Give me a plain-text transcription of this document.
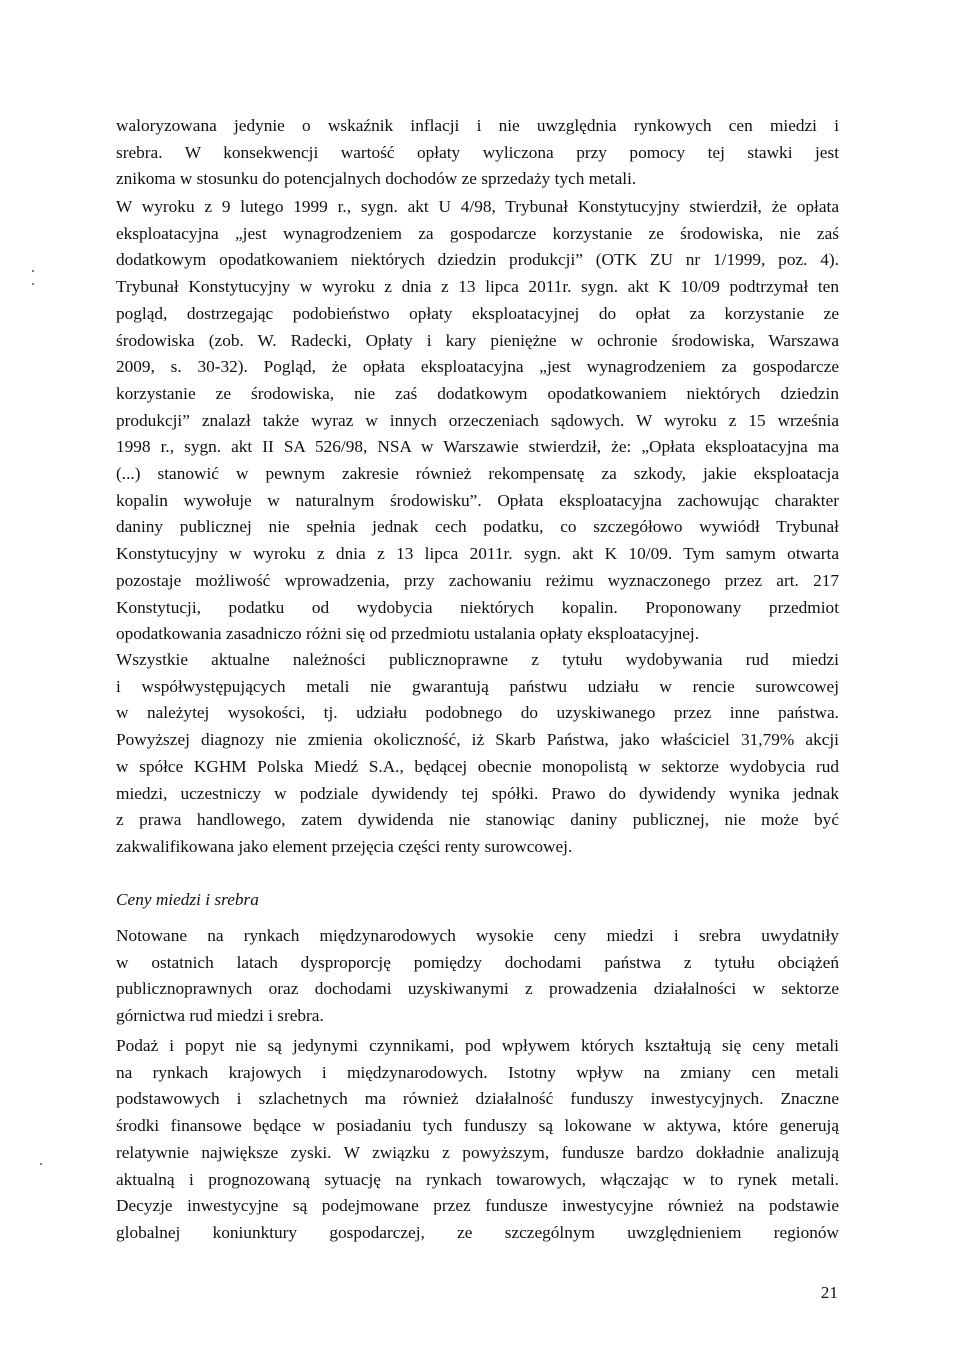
waloryzowana jedynie o wskaźnik inflacji i nie uwzględnia rynkowych cen miedzi i
srebra. W konsekwencji wartość opłaty wyliczona przy pomocy tej stawki jest
znikoma w stosunku do potencjalnych dochodów ze sprzedaży tych metali.

W wyroku z 9 lutego 1999 r., sygn. akt U 4/98, Trybunał Konstytucyjny stwierdził, że opłata
eksploatacyjna „jest wynagrodzeniem za gospodarcze korzystanie ze środowiska, nie zaś
dodatkowym opodatkowaniem niektórych dziedzin produkcji” (OTK ZU nr 1/1999, poz. 4).
Trybunał Konstytucyjny w wyroku z dnia z 13 lipca 2011r. sygn. akt K 10/09 podtrzymał ten
pogląd, dostrzegając podobieństwo opłaty eksploatacyjnej do opłat za korzystanie ze
środowiska (zob. W. Radecki, Opłaty i kary pieniężne w ochronie środowiska, Warszawa
2009, s. 30-32). Pogląd, że opłata eksploatacyjna „jest wynagrodzeniem za gospodarcze
korzystanie ze środowiska, nie zaś dodatkowym opodatkowaniem niektórych dziedzin
produkcji” znalazł także wyraz w innych orzeczeniach sądowych. W wyroku z 15 września
1998 r., sygn. akt II SA 526/98, NSA w Warszawie stwierdził, że: „Opłata eksploatacyjna ma
(...) stanowić w pewnym zakresie również rekompensatę za szkody, jakie eksploatacja
kopalin wywołuje w naturalnym środowisku”. Opłata eksploatacyjna zachowując charakter
daniny publicznej nie spełnia jednak cech podatku, co szczegółowo wywiódł Trybunał
Konstytucyjny w wyroku z dnia z 13 lipca 2011r. sygn. akt K 10/09. Tym samym otwarta
pozostaje możliwość wprowadzenia, przy zachowaniu reżimu wyznaczonego przez art. 217
Konstytucji, podatku od wydobycia niektórych kopalin. Proponowany przedmiot
opodatkowania zasadniczo różni się od przedmiotu ustalania opłaty eksploatacyjnej.

Wszystkie aktualne należności publicznoprawne z tytułu wydobywania rud miedzi
i współwystępujących metali nie gwarantują państwu udziału w rencie surowcowej
w należytej wysokości, tj. udziału podobnego do uzyskiwanego przez inne państwa.
Powyższej diagnozy nie zmienia okoliczność, iż Skarb Państwa, jako właściciel 31,79% akcji
w spółce KGHM Polska Miedź S.A., będącej obecnie monopolistą w sektorze wydobycia rud
miedzi, uczestniczy w podziale dywidendy tej spółki. Prawo do dywidendy wynika jednak
z prawa handlowego, zatem dywidenda nie stanowiąc daniny publicznej, nie może być
zakwalifikowana jako element przejęcia części renty surowcowej.

Ceny miedzi i srebra

Notowane na rynkach międzynarodowych wysokie ceny miedzi i srebra uwydatniły
w ostatnich latach dysproporcję pomiędzy dochodami państwa z tytułu obciążeń
publicznoprawnych oraz dochodami uzyskiwanymi z prowadzenia działalności w sektorze
górnictwa rud miedzi i srebra.

Podaż i popyt nie są jedynymi czynnikami, pod wpływem których kształtują się ceny metali
na rynkach krajowych i międzynarodowych. Istotny wpływ na zmiany cen metali
podstawowych i szlachetnych ma również działalność funduszy inwestycyjnych. Znaczne
środki finansowe będące w posiadaniu tych funduszy są lokowane w aktywa, które generują
relatywnie największe zyski. W związku z powyższym, fundusze bardzo dokładnie analizują
aktualną i prognozowaną sytuację na rynkach towarowych, włączając w to rynek metali.
Decyzje inwestycyjne są podejmowane przez fundusze inwestycyjne również na podstawie
globalnej koniunktury gospodarczej, ze szczególnym uwzględnieniem regionów

21
